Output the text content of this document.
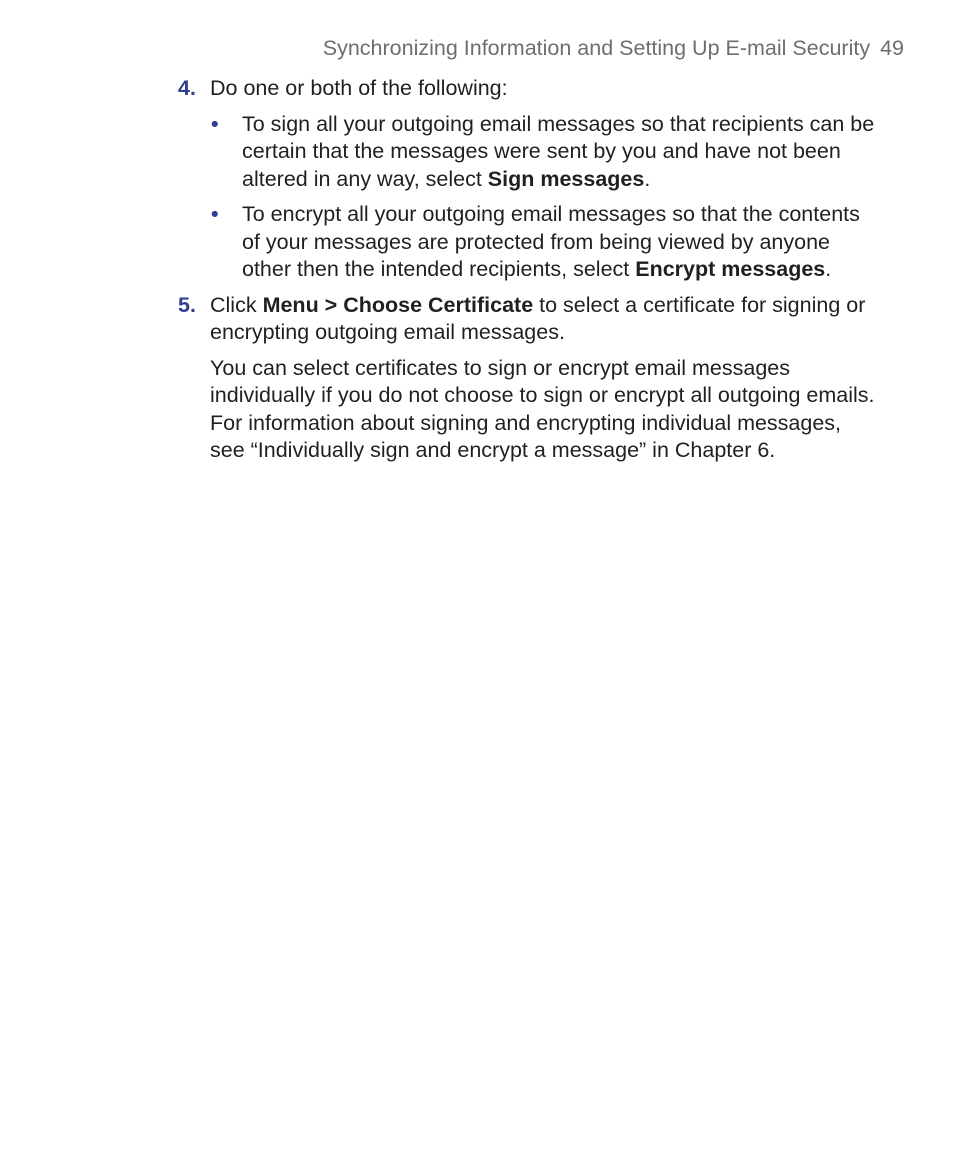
Synchronizing Information and Setting Up E-mail Security 49
4. Do one or both of the following:

• To sign all your outgoing email messages so that recipients can be certain that the messages were sent by you and have not been altered in any way, select Sign messages.
• To encrypt all your outgoing email messages so that the contents of your messages are protected from being viewed by anyone other then the intended recipients, select Encrypt messages.
5. Click Menu > Choose Certificate to select a certificate for signing or encrypting outgoing email messages.

You can select certificates to sign or encrypt email messages individually if you do not choose to sign or encrypt all outgoing emails. For information about signing and encrypting individual messages, see “Individually sign and encrypt a message” in Chapter 6.
